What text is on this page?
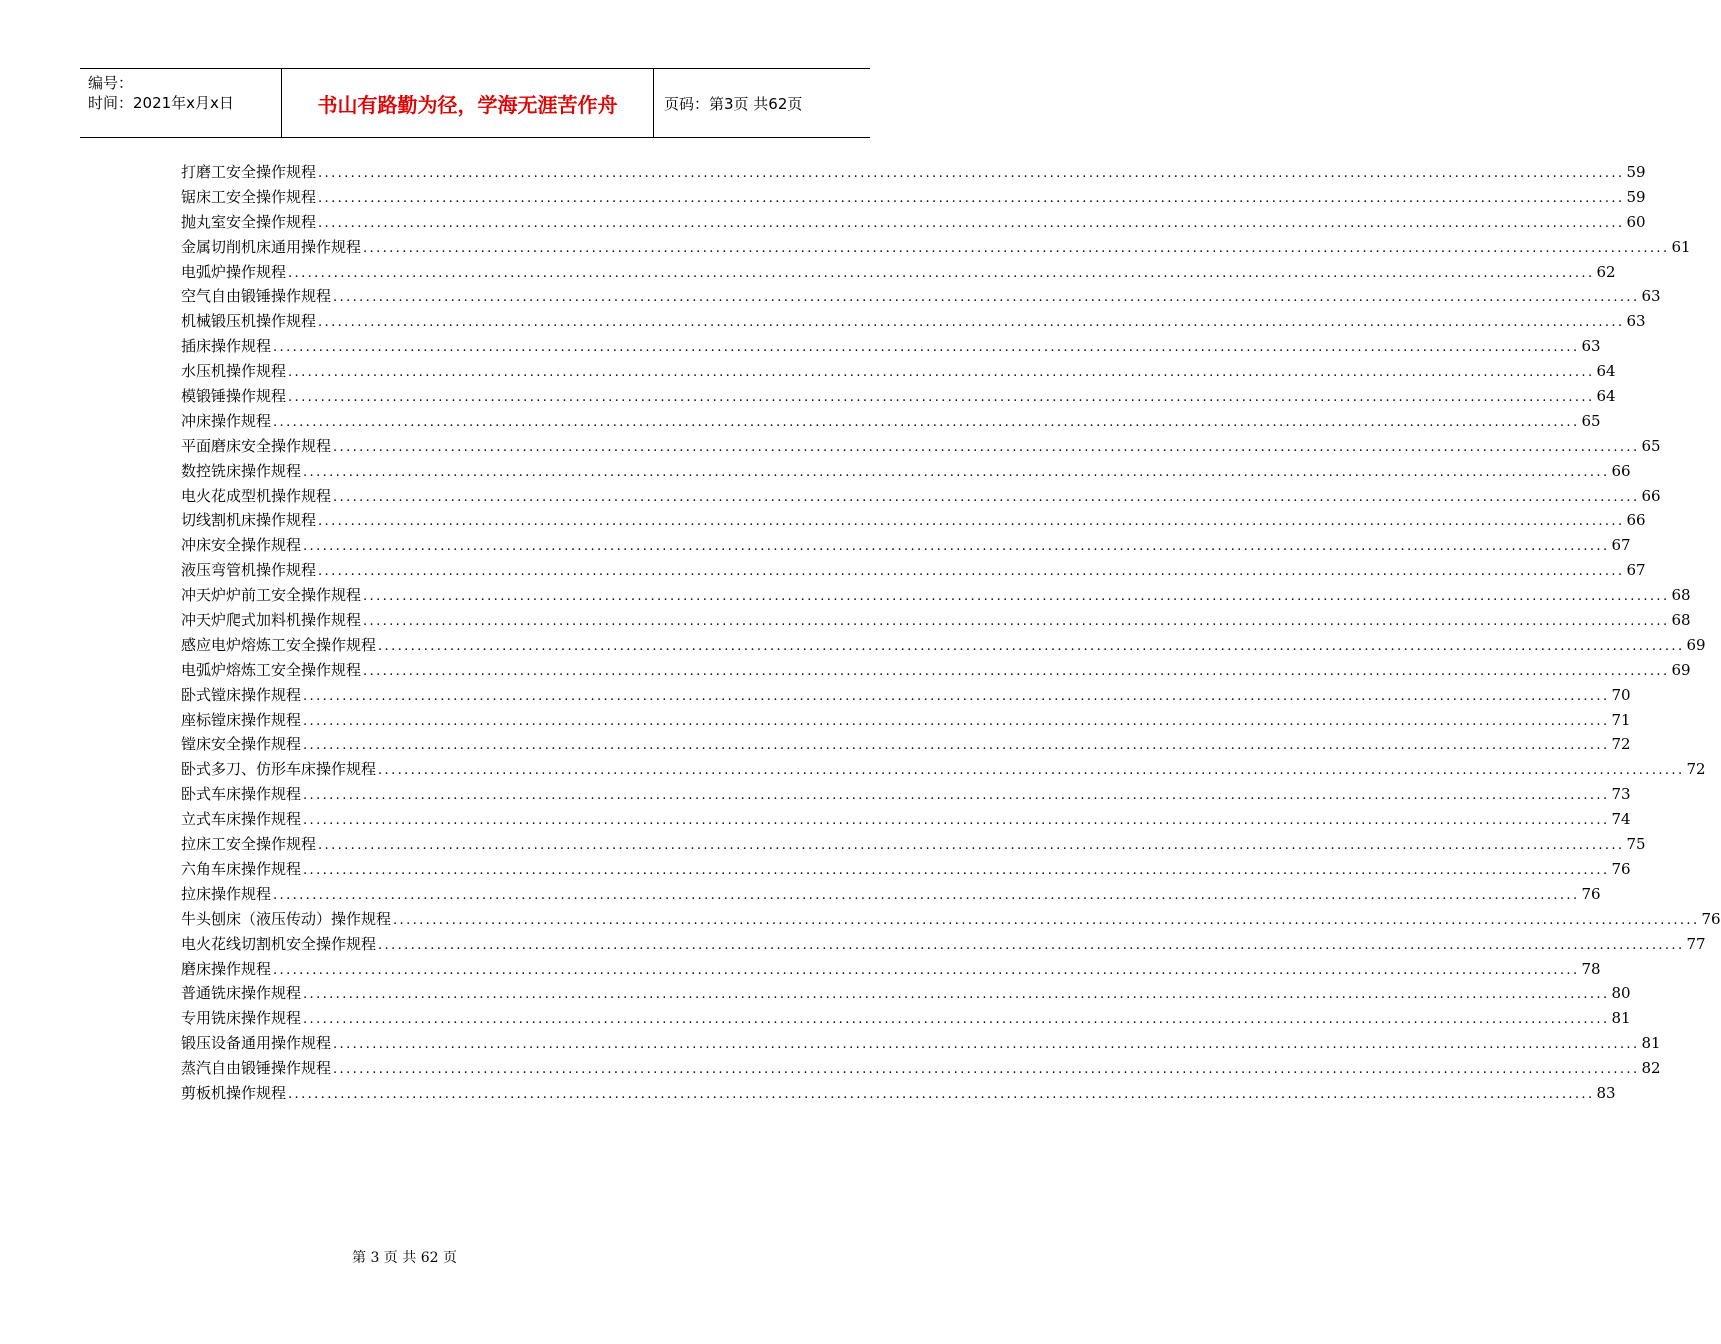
编号：
时间：2021年x月x日	书山有路勤为径，学海无涯苦作舟	页码：第3页 共62页
打磨工安全操作规程 ........................................................................................................................................................................................................ 59
锯床工安全操作规程 ........................................................................................................................................................................................................ 59
抛丸室安全操作规程 ........................................................................................................................................................................................................ 60
金属切削机床通用操作规程 ........................................................................................................................................................................................................ 61
电弧炉操作规程 ........................................................................................................................................................................................................ 62
空气自由锻锤操作规程 ........................................................................................................................................................................................................ 63
机械锻压机操作规程 ........................................................................................................................................................................................................ 63
插床操作规程 ........................................................................................................................................................................................................ 63
水压机操作规程 ........................................................................................................................................................................................................ 64
模锻锤操作规程 ........................................................................................................................................................................................................ 64
冲床操作规程 ........................................................................................................................................................................................................ 65
平面磨床安全操作规程 ........................................................................................................................................................................................................ 65
数控铣床操作规程 ........................................................................................................................................................................................................ 66
电火花成型机操作规程 ........................................................................................................................................................................................................ 66
切线割机床操作规程 ........................................................................................................................................................................................................ 66
冲床安全操作规程 ........................................................................................................................................................................................................ 67
液压弯管机操作规程 ........................................................................................................................................................................................................ 67
冲天炉炉前工安全操作规程 ........................................................................................................................................................................................................ 68
冲天炉爬式加料机操作规程 ........................................................................................................................................................................................................ 68
感应电炉熔炼工安全操作规程 ........................................................................................................................................................................................................ 69
电弧炉熔炼工安全操作规程 ........................................................................................................................................................................................................ 69
卧式镗床操作规程 ........................................................................................................................................................................................................ 70
座标镗床操作规程 ........................................................................................................................................................................................................ 71
镗床安全操作规程 ........................................................................................................................................................................................................ 72
卧式多刀、仿形车床操作规程 ........................................................................................................................................................................................................ 72
卧式车床操作规程 ........................................................................................................................................................................................................ 73
立式车床操作规程 ........................................................................................................................................................................................................ 74
拉床工安全操作规程 ........................................................................................................................................................................................................ 75
六角车床操作规程 ........................................................................................................................................................................................................ 76
拉床操作规程 ........................................................................................................................................................................................................ 76
牛头刨床（液压传动）操作规程 ........................................................................................................................................................................................................ 76
电火花线切割机安全操作规程 ........................................................................................................................................................................................................ 77
磨床操作规程 ........................................................................................................................................................................................................ 78
普通铣床操作规程 ........................................................................................................................................................................................................ 80
专用铣床操作规程 ........................................................................................................................................................................................................ 81
锻压设备通用操作规程 ........................................................................................................................................................................................................ 81
蒸汽自由锻锤操作规程 ........................................................................................................................................................................................................ 82
剪板机操作规程 ........................................................................................................................................................................................................ 83
第 3 页 共 62 页
